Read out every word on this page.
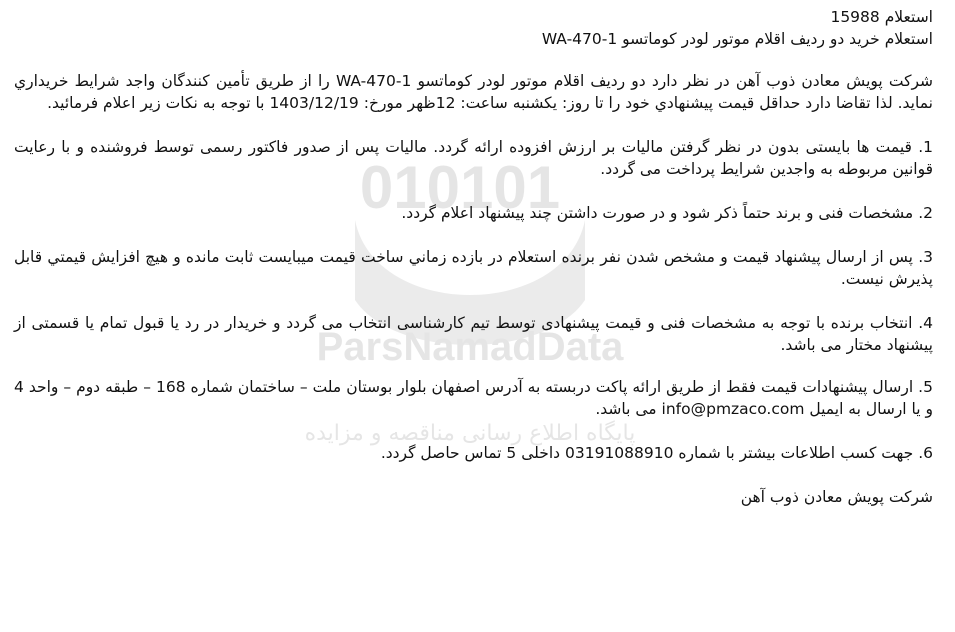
010101
ParsNamadData
پایگاه اطلاع رسانی مناقصه و مزایده

استعلام 15988

استعلام خرید دو ردیف اقلام موتور لودر کوماتسو WA-470-1

شرکت پویش معادن ذوب آهن در نظر دارد دو ردیف اقلام موتور لودر کوماتسو WA-470-1 را از طریق تأمین کنندگان واجد شرایط خریداري نماید. لذا تقاضا دارد حداقل قیمت پیشنهادي خود را تا روز: یکشنبه ساعت: 12ظهر مورخ: 1403/12/19 با توجه به نکات زیر اعلام فرمائید.

1. قیمت ها بایستی بدون در نظر گرفتن مالیات بر ارزش افزوده ارائه گردد. مالیات پس از صدور فاکتور رسمی توسط فروشنده و با رعایت قوانین مربوطه به واجدین شرایط پرداخت می گردد.

2. مشخصات فنی و برند حتماً ذکر شود و در صورت داشتن چند پیشنهاد اعلام گردد.

3. پس از ارسال پیشنهاد قیمت و مشخص شدن نفر برنده استعلام در بازده زماني ساخت قیمت میبایست ثابت مانده و هیچ افزایش قیمتي قابل پذیرش نیست.

4. انتخاب برنده با توجه به مشخصات فنی و قیمت پیشنهادی توسط تیم کارشناسی انتخاب می گردد و خریدار در رد یا قبول تمام یا قسمتی از پیشنهاد مختار می باشد.

5. ارسال پیشنهادات قیمت فقط از طریق ارائه پاکت دربسته به آدرس اصفهان بلوار بوستان ملت – ساختمان شماره 168 – طبقه دوم – واحد 4 و یا ارسال به ایمیل info@pmzaco.com می باشد.

6. جهت کسب اطلاعات بیشتر با شماره 03191088910 داخلی 5 تماس حاصل گردد.

شرکت پویش معادن ذوب آهن
